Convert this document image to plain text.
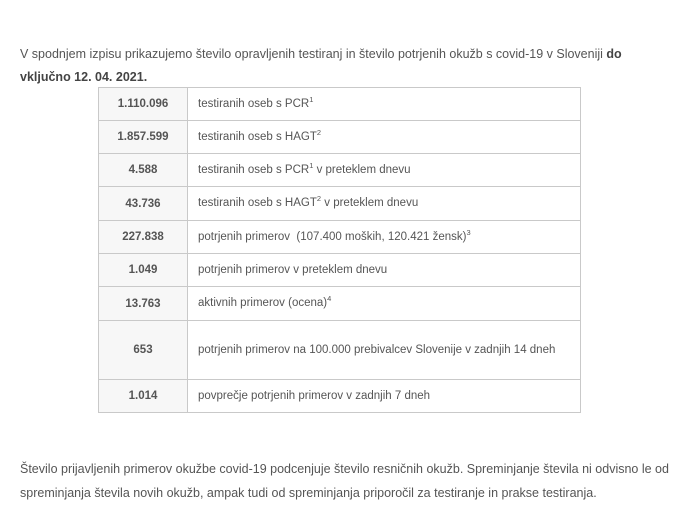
V spodnjem izpisu prikazujemo število opravljenih testiranj in število potrjenih okužb s covid-19 v Sloveniji do vključno 12. 04. 2021.

1.110.096	testiranih oseb s PCR$^1$
1.857.599	testiranih oseb s HAGT$^2$
4.588	testiranih oseb s PCR$^1$ v preteklem dnevu
43.736	testiranih oseb s HAGT$^2$ v preteklem dnevu
227.838	potrjenih primerov  (107.400 moških, 120.421 žensk)$^3$
1.049	potrjenih primerov v preteklem dnevu
13.763	aktivnih primerov (ocena)$^4$
653	potrjenih primerov na 100.000 prebivalcev Slovenije v zadnjih 14 dneh
1.014	povprečje potrjenih primerov v zadnjih 7 dneh

Število prijavljenih primerov okužbe covid-19 podcenjuje število resničnih okužb. Spreminjanje števila ni odvisno le od spreminjanja števila novih okužb, ampak tudi od spreminjanja priporočil za testiranje in prakse testiranja.
